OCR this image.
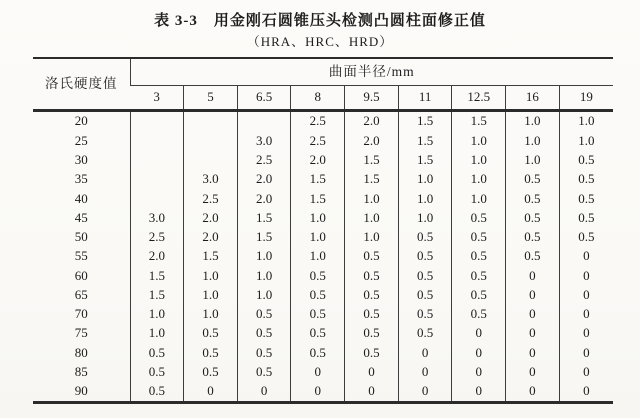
表 3-3　用金刚石圆锥压头检测凸圆柱面修正值
（HRA、HRC、HRD）
洛氏硬度值	曲面半径/mm								
	3	5	6.5	8	9.5	11	12.5	16	19
20				2.5	2.0	1.5	1.5	1.0	1.0
25			3.0	2.5	2.0	1.5	1.0	1.0	1.0
30			2.5	2.0	1.5	1.5	1.0	1.0	0.5
35		3.0	2.0	1.5	1.5	1.0	1.0	0.5	0.5
40		2.5	2.0	1.5	1.0	1.0	1.0	0.5	0.5
45	3.0	2.0	1.5	1.0	1.0	1.0	0.5	0.5	0.5
50	2.5	2.0	1.5	1.0	1.0	0.5	0.5	0.5	0.5
55	2.0	1.5	1.0	1.0	0.5	0.5	0.5	0.5	0
60	1.5	1.0	1.0	0.5	0.5	0.5	0.5	0	0
65	1.5	1.0	1.0	0.5	0.5	0.5	0.5	0	0
70	1.0	1.0	0.5	0.5	0.5	0.5	0.5	0	0
75	1.0	0.5	0.5	0.5	0.5	0.5	0	0	0
80	0.5	0.5	0.5	0.5	0.5	0	0	0	0
85	0.5	0.5	0.5	0	0	0	0	0	0
90	0.5	0	0	0	0	0	0	0	0
